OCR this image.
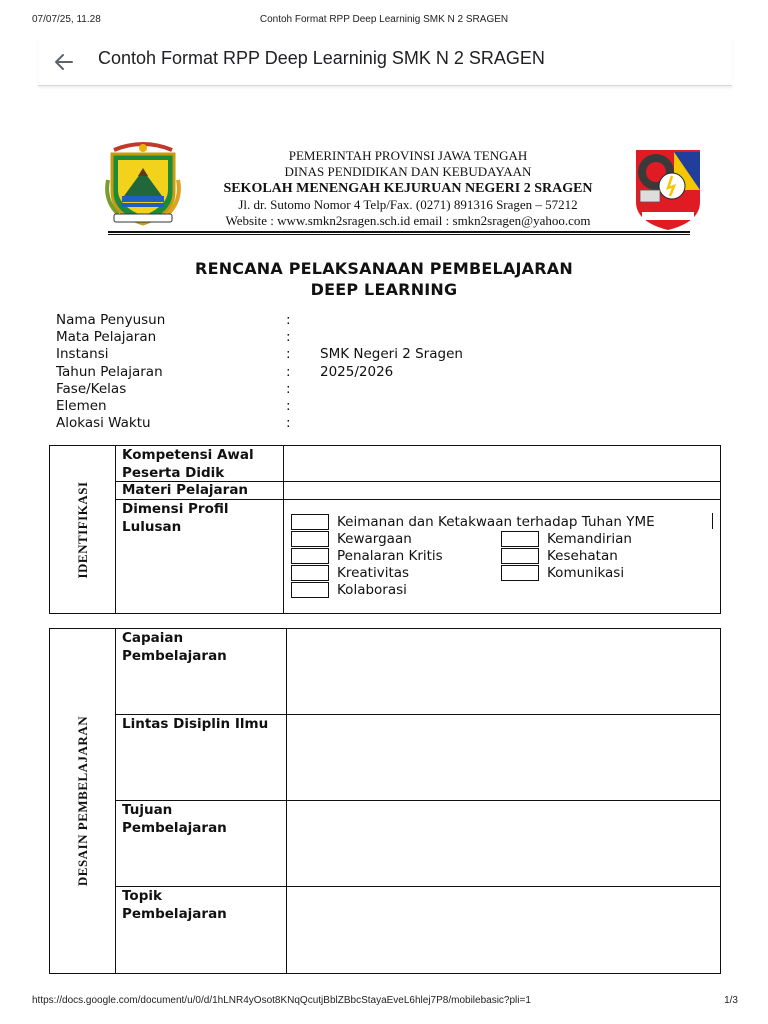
07/07/25, 11.28	Contoh Format RPP Deep Learninig SMK N 2 SRAGEN
Contoh Format RPP Deep Learninig SMK N 2 SRAGEN
PEMERINTAH PROVINSI JAWA TENGAH
DINAS PENDIDIKAN DAN KEBUDAYAAN
SEKOLAH MENENGAH KEJURUAN NEGERI 2 SRAGEN
Jl. dr. Sutomo Nomor 4 Telp/Fax. (0271) 891316 Sragen – 57212
Website : www.smkn2sragen.sch.id email : smkn2sragen@yahoo.com
RENCANA PELAKSANAAN PEMBELAJARAN
DEEP LEARNING
Nama Penyusun	:
Mata Pelajaran	:
Instansi	: SMK Negeri 2 Sragen
Tahun Pelajaran	: 2025/2026
Fase/Kelas	:
Elemen	:
Alokasi Waktu	:
IDENTIFIKASI
Kompetensi Awal Peserta Didik
Materi Pelajaran
Dimensi Profil Lulusan	Keimanan dan Ketakwaan terhadap Tuhan YME
Kewargaan	Kemandirian
Penalaran Kritis	Kesehatan
Kreativitas	Komunikasi
Kolaborasi
DESAIN PEMBELAJARAN
Capaian Pembelajaran
Lintas Disiplin Ilmu
Tujuan Pembelajaran
Topik Pembelajaran
https://docs.google.com/document/u/0/d/1hLNR4yOsot8KNqQcutjBblZBbcStayaEveL6hlej7P8/mobilebasic?pli=1	1/3
